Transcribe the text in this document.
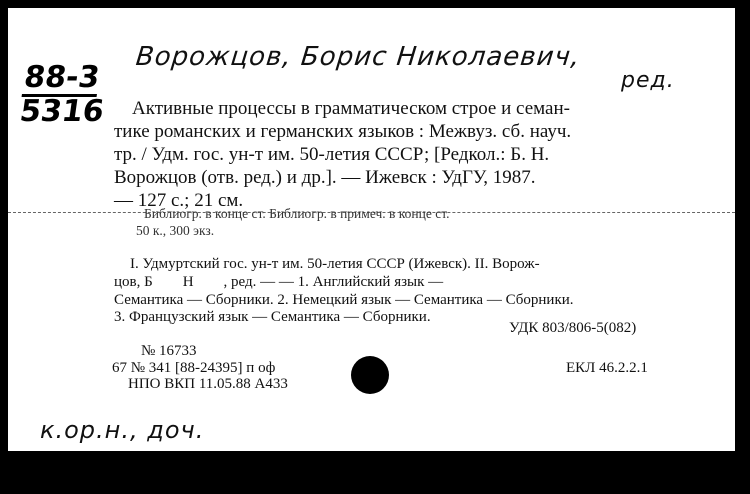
Ворожцов, Борис Николаевич,
ред.
88-3
5316 Активные процессы в грамматическом строе и семан-
тике романских и германских языков : Межвуз. сб. науч.
тр. / Удм. гос. ун-т им. 50-летия СССР; [Редкол.: Б. Н.
Ворожцов (отв. ред.) и др.]. — Ижевск : УдГУ, 1987.
— 127 с.; 21 см.
Библиогр. в конце ст. Библиогр. в примеч. в конце ст.
50 к., 300 экз.
I. Удмуртский гос. ун-т им. 50-летия СССР (Ижевск). II. Ворож-
цов, Б        Н        , ред. — — 1. Английский язык —
Семантика — Сборники. 2. Немецкий язык — Семантика — Сборники.
3. Французский язык — Семантика — Сборники.
УДК 803/806-5(082)
№ 16733
67 № 341 [88-24395] п оф
НПО ВКП 11.05.88 А433
ЕКЛ 46.2.2.1
к.ор.н., доч.
